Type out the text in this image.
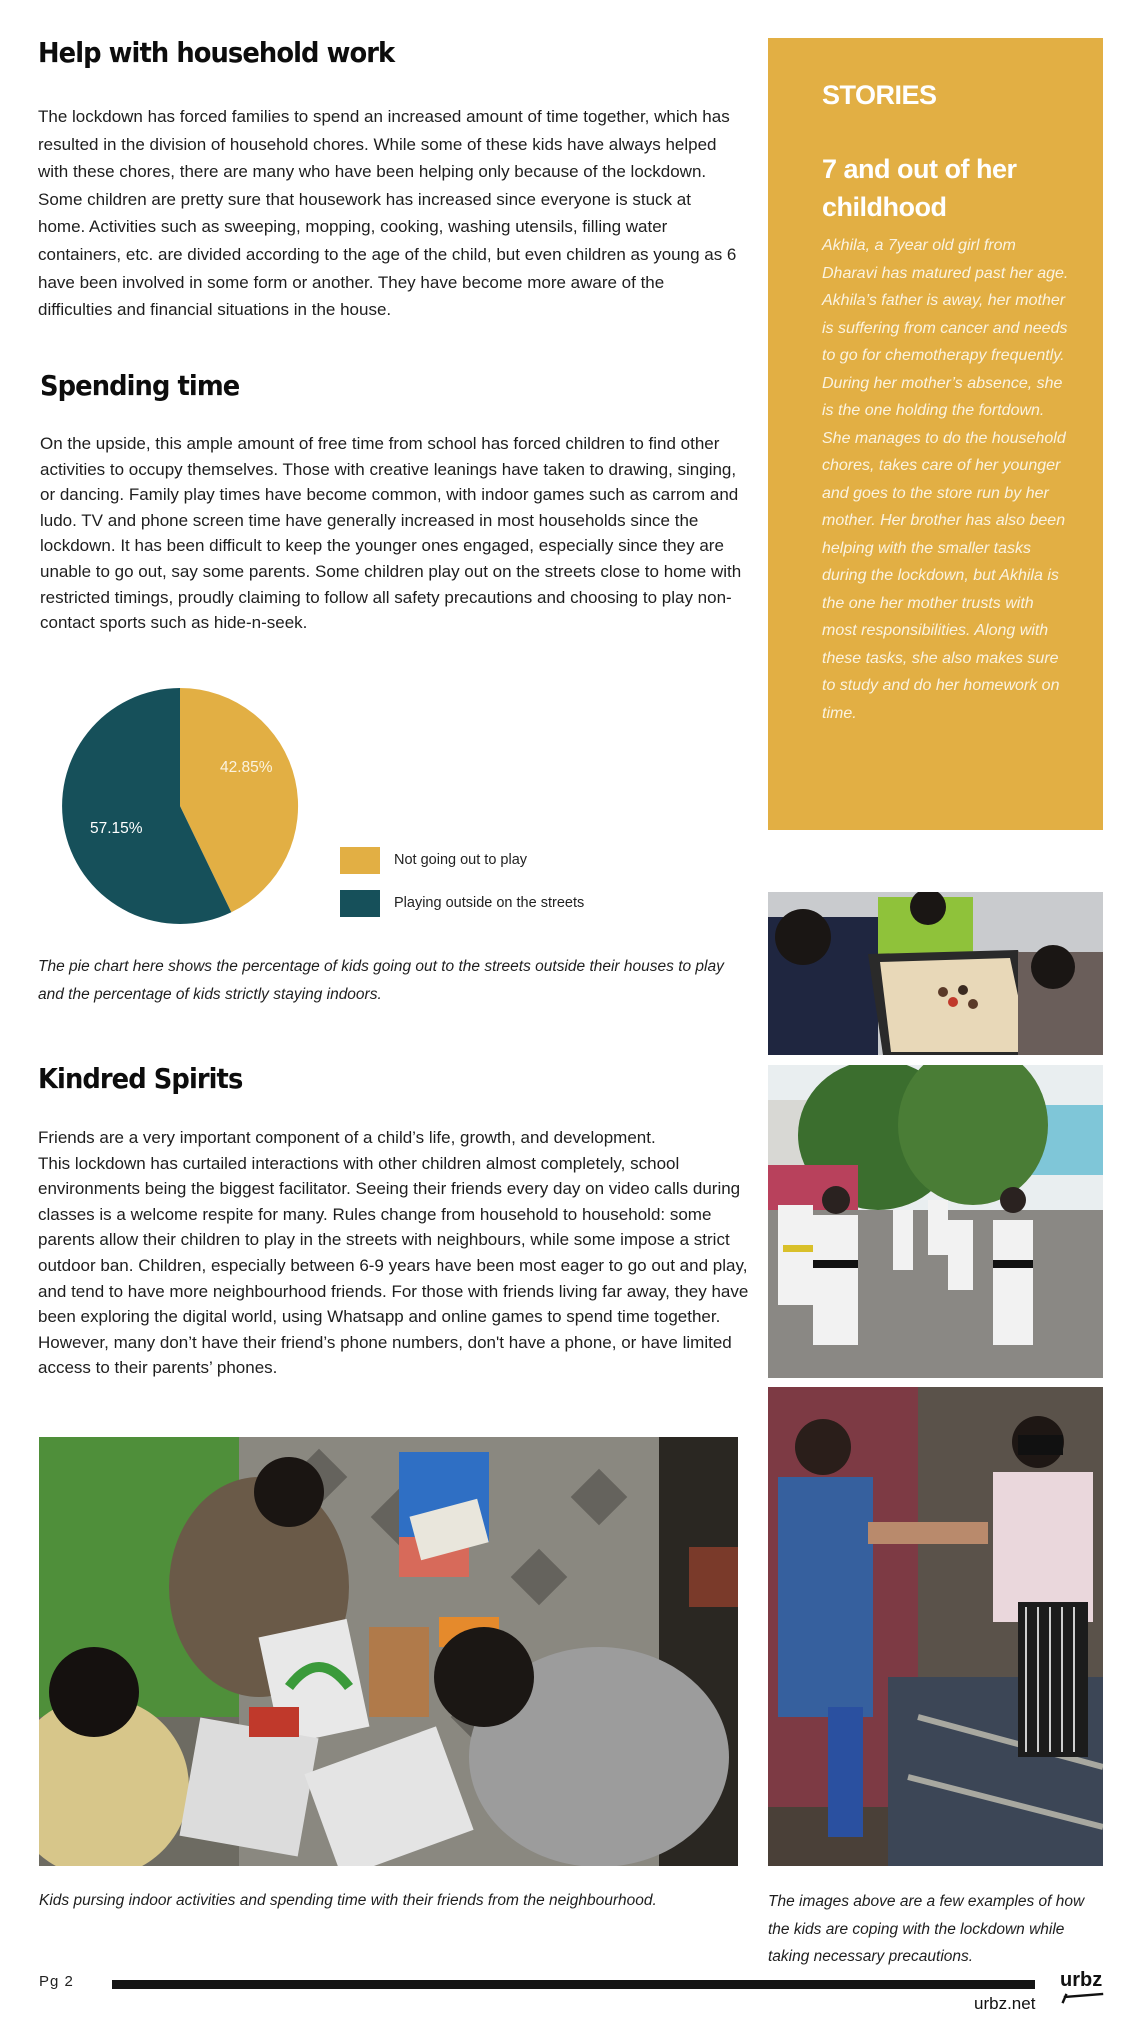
Help with household work

The lockdown has forced families to spend an increased amount of time together, which has resulted in the division of household chores. While some of these kids have always helped with these chores, there are many who have been helping only because of the lockdown. Some children are pretty sure that housework has increased since everyone is stuck at home. Activities such as sweeping, mopping, cooking, washing utensils, filling water containers, etc. are divided according to the age of the child, but even children as young as 6 have been involved in some form or another. They have become more aware of the difficulties and financial situations in the house.

Spending time

On the upside, this ample amount of free time from school has forced children to find other activities to occupy themselves. Those with creative leanings have taken to drawing, singing, or dancing. Family play times have become common, with indoor games such as carrom and ludo. TV and phone screen time have generally increased in most households since the lockdown. It has been difficult to keep the younger ones engaged, especially since they are unable to go out, say some parents. Some children play out on the streets close to home with restricted timings, proudly claiming to follow all safety precautions and choosing to play non-contact sports such as hide-n-seek.

42.85%
57.15%
Not going out to play
Playing outside on the streets

The pie chart here shows the percentage of kids going out to the streets outside their houses to play and the percentage of kids strictly staying indoors.

Kindred Spirits
Friends are a very important component of a child’s life, growth, and development.
This lockdown has curtailed interactions with other children almost completely, school environments being the biggest facilitator. Seeing their friends every day on video calls during classes is a welcome respite for many. Rules change from household to household: some parents allow their children to play in the streets with neighbours, while some impose a strict outdoor ban. Children, especially between 6-9 years have been most eager to go out and play, and tend to have more neighbourhood friends. For those with friends living far away, they have been exploring the digital world, using Whatsapp and online games to spend time together. However, many don’t have their friend’s phone numbers, don't have a phone, or have limited access to their parents’ phones.
STORIES
7 and out of her childhood
Akhila, a 7year old girl from Dharavi has matured past her age. Akhila’s father is away, her mother is suffering from cancer and needs to go for chemotherapy frequently. During her mother’s absence, she is the one holding the fortdown. She manages to do the household chores, takes care of her younger and goes to the store run by her mother. Her brother has also been helping with the smaller tasks during the lockdown, but Akhila is the one her mother trusts with most responsibilities. Along with these tasks, she also makes sure to study and do her homework on time.

Kids pursing indoor activities and spending time with their friends from the neighbourhood.	The images above are a few examples of how the kids are coping with the lockdown while taking necessary precautions.

Pg 2
urbz.net
urbz
